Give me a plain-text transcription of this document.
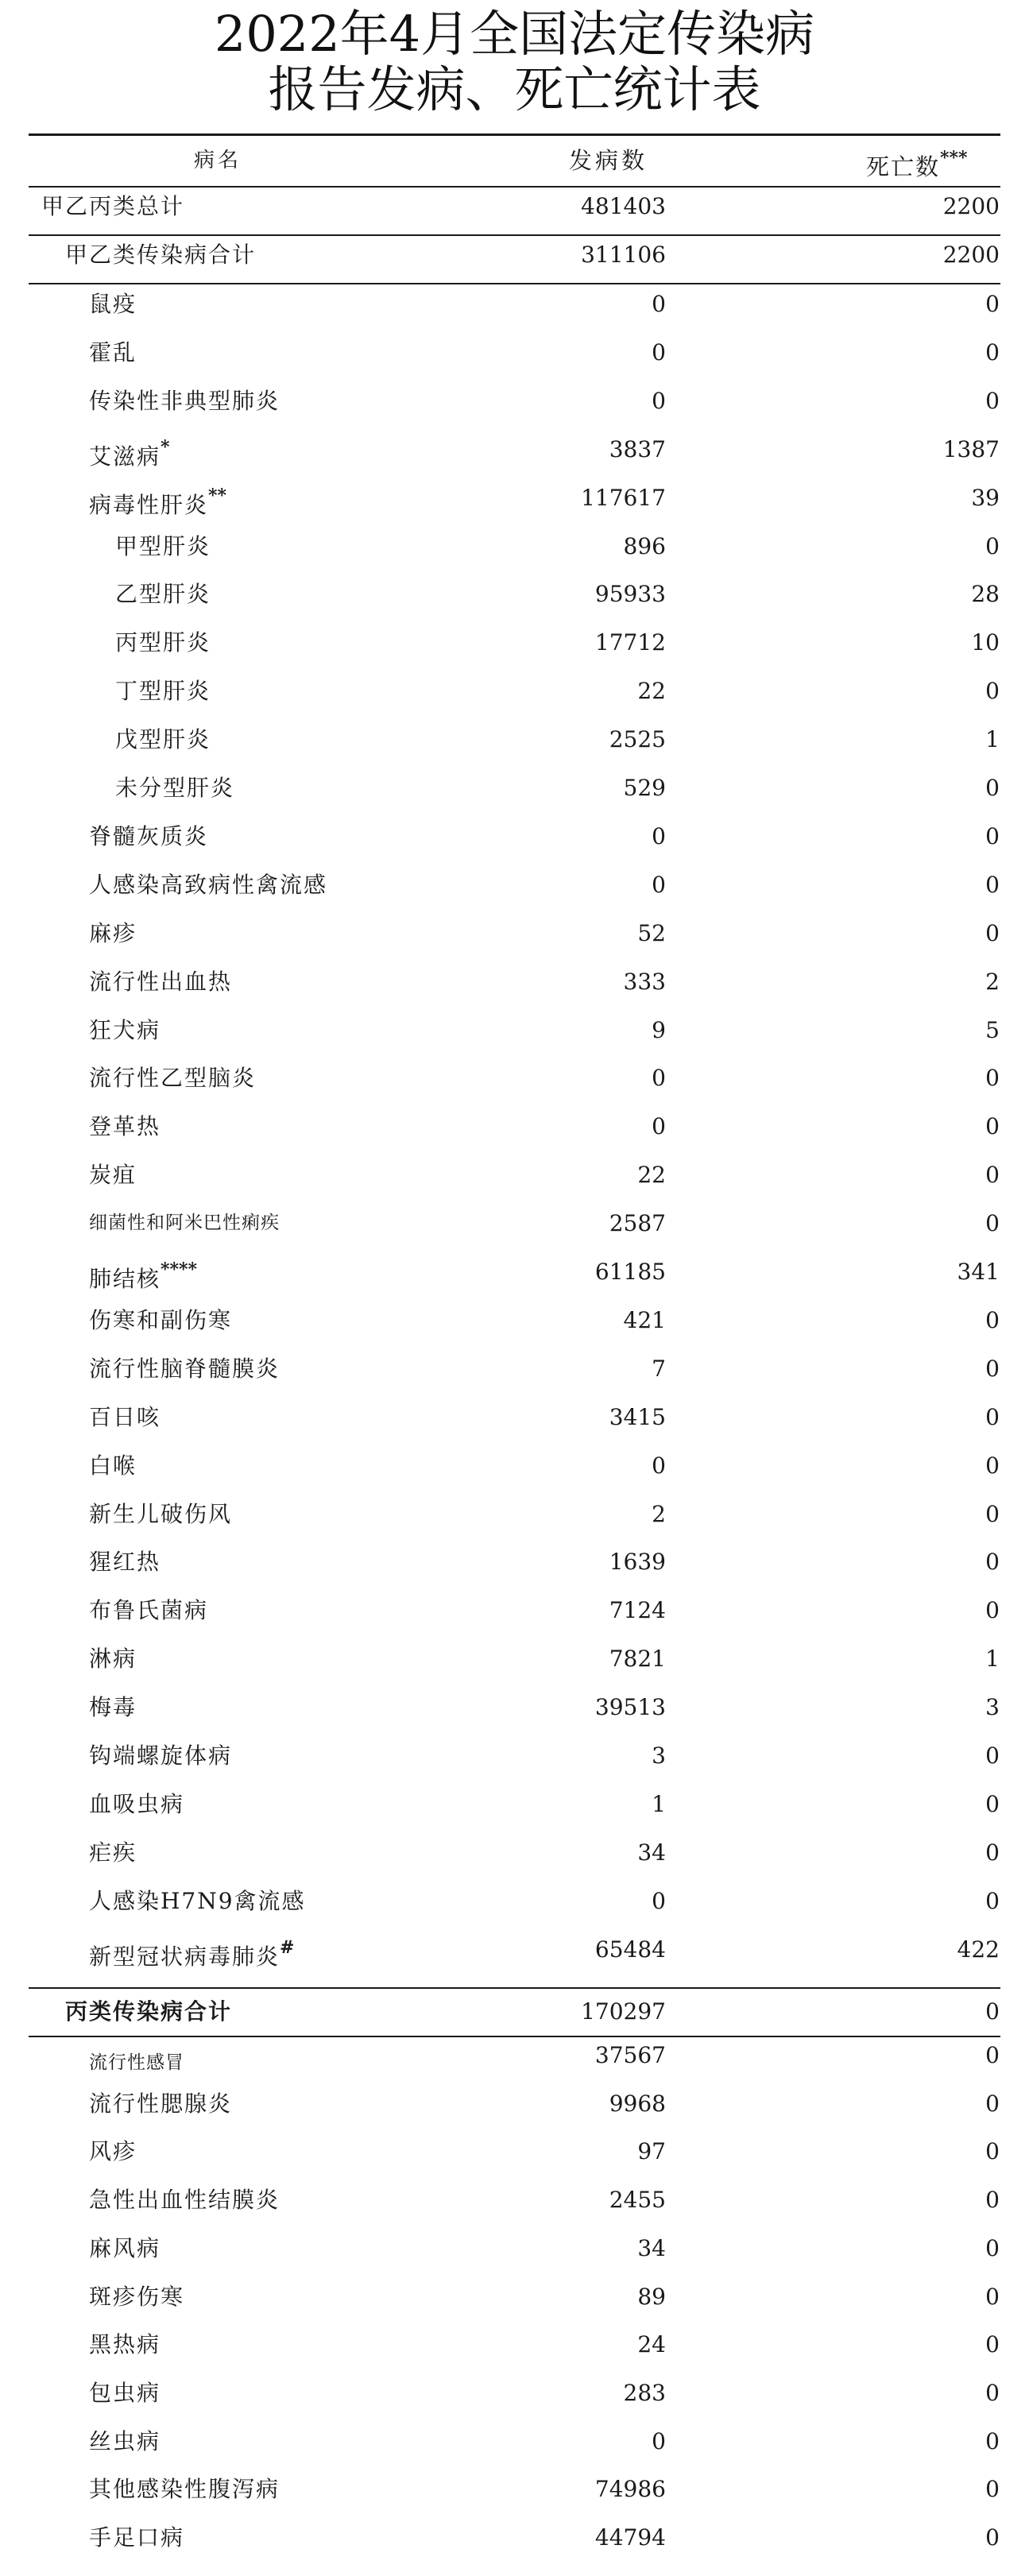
2022年4月全国法定传染病
报告发病、死亡统计表
病名	发病数	死亡数***
甲乙丙类总计	481403	2200
甲乙类传染病合计	311106	2200
鼠疫	0	0
霍乱	0	0
传染性非典型肺炎	0	0
艾滋病*	3837	1387
病毒性肝炎**	117617	39
甲型肝炎	896	0
乙型肝炎	95933	28
丙型肝炎	17712	10
丁型肝炎	22	0
戊型肝炎	2525	1
未分型肝炎	529	0
脊髓灰质炎	0	0
人感染高致病性禽流感	0	0
麻疹	52	0
流行性出血热	333	2
狂犬病	9	5
流行性乙型脑炎	0	0
登革热	0	0
炭疽	22	0
细菌性和阿米巴性痢疾	2587	0
肺结核****	61185	341
伤寒和副伤寒	421	0
流行性脑脊髓膜炎	7	0
百日咳	3415	0
白喉	0	0
新生儿破伤风	2	0
猩红热	1639	0
布鲁氏菌病	7124	0
淋病	7821	1
梅毒	39513	3
钩端螺旋体病	3	0
血吸虫病	1	0
疟疾	34	0
人感染H7N9禽流感	0	0
新型冠状病毒肺炎#	65484	422
丙类传染病合计	170297	0
流行性感冒	37567	0
流行性腮腺炎	9968	0
风疹	97	0
急性出血性结膜炎	2455	0
麻风病	34	0
斑疹伤寒	89	0
黑热病	24	0
包虫病	283	0
丝虫病	0	0
其他感染性腹泻病	74986	0
手足口病	44794	0
